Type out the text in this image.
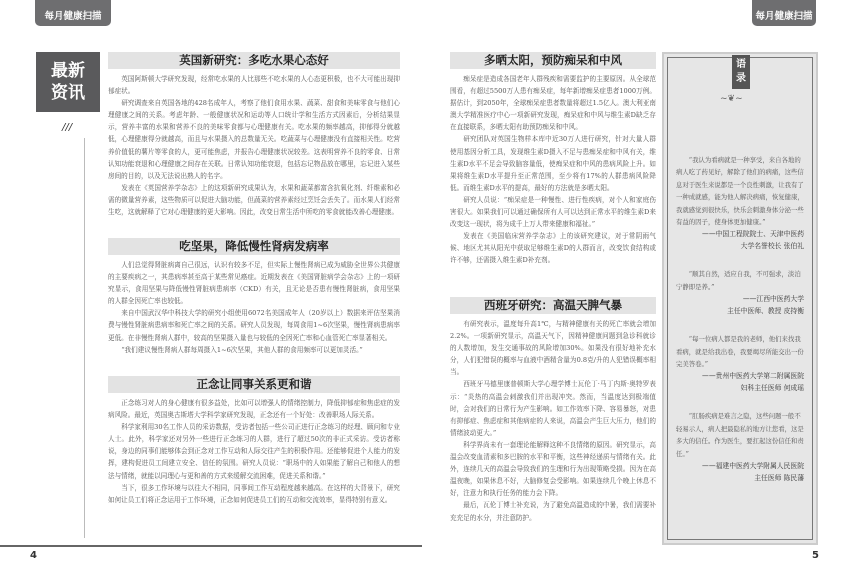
每月健康扫描	每月健康扫描
最新
资讯
///
英国新研究：多吃水果心态好

英国阿斯顿大学研究发现，经常吃水果的人比那些不吃水果的人心态更积极，也不大可能出现抑郁症状。

研究调查来自英国各地的428名成年人，考察了他们食用水果、蔬菜、甜食和美味零食与他们心理健康之间的关系。考虑年龄、一般健康状况和运动等人口统计学和生活方式因素后，分析结果显示，营养丰富的水果和营养不良的美味零食都与心理健康有关。吃水果的频率越高，抑郁得分就越低，心理健康得分就越高，而且与水果摄入的总数量无关。吃蔬菜与心理健康没有直接相关性。吃营养价值低的薯片等零食的人，更可能焦虑，并报告心理健康状况较差。这表明营养不良的零食、日常认知功能衰退和心理健康之间存在关联。日常认知功能衰退，包括忘记物品放在哪里，忘记进入某些房间的目的，以及无法说出熟人的名字。

发表在《英国营养学杂志》上的这项新研究成果认为，水果和蔬菜都富含抗氧化剂、纤维素和必需的微量营养素，这些物质可以促进大脑功能，但蔬菜的营养素经过烹饪会丢失了。而水果人们经常生吃，这就解释了它对心理健康的更大影响。因此，改变日常生活中所吃的零食就能改善心理健康。

吃坚果，降低慢性肾病发病率

人们总觉得肾脏病离自己很远，认识有较多不足，但实际上慢性肾病已成为威胁全世界公共健康的主要疾病之一，其患病率甚至高于某些常见癌症。近期发表在《美国肾脏病学会杂志》上的一项研究显示，食用坚果与降低慢性肾脏病患病率（CKD）有关，且无论是否患有慢性肾脏病，食用坚果的人群全因死亡率也较低。

来自中国武汉华中科技大学的研究小组使用6072名美国成年人（20岁以上）数据来评估坚果消费与慢性肾脏病患病率和死亡率之间的关系。研究人员发现，每周食用1~6次坚果，慢性肾病患病率更低。在非慢性肾病人群中，较高的坚果摄入量也与较低的全因死亡率和心血管死亡率显著相关。

“我们建议慢性肾病人群每周摄入1~6次坚果，其他人群的食用频率可以更加灵活。”

正念让同事关系更和谐

正念练习对人的身心健康有很多益处，比如可以增强人的情绪控制力，降低抑郁症和焦虑症的发病风险。最近，英国奥古斯塔大学科学家研究发现，正念还有一个好处：改善职场人际关系。

科学家利用30名工作人员的采访数据，受访者包括一些公司正进行正念练习的经理、顾问和专业人士。此外，科学家还对另外一些进行正念练习的人群，进行了超过50次的非正式采访。受访者称说，身边的同事们能够体会到正念对工作互动和人际交往产生的积极作用。还能够促进个人能力的发挥，建构促进员工间建立安全、信任的氛围。研究人员说：“职场中的人如果能了解自己和他人的想法与情绪，就能以同理心与更和善的方式来缓解交流困难，促进关系和谐。”

当下，很多工作环境与以往大不相同，同事间工作互动程度越来越高。在这样的大背景下，研究如何让员工们将正念运用于工作环境，正念如何促进员工们的互动和交流效率，显得特别有意义。

4
多晒太阳，预防痴呆和中风

痴呆症是造成各国老年人群残疾和需要监护的主要原因。从全球范围看，有超过5500万人患有痴呆症，每年新增痴呆症患者1000万例。据估计，到2050年，全球痴呆症患者数量将超过1.5亿人。澳大利亚南澳大学精准医疗中心一项新研究发现，痴呆症和中风与维生素D缺乏存在直接联系，多晒太阳有助预防痴呆和中风。

研究团队对英国生物样本库中近30万人进行研究，针对大量人群使用基因分析工具，发现维生素D摄入不足与患痴呆症和中风有关，维生素D水平不足会导致脑容量低，使痴呆症和中风的患病风险上升。如果将维生素D水平提升至正常范围，至少将有17%的人群患病风险降低。而维生素D水平的提高，最好的方法就是多晒太阳。

研究人员说：“痴呆症是一种慢性、进行性疾病，对个人和家庭伤害很大。如果我们可以通过确保所有人可以达到正常水平的维生素D来改变这一现状，将为成千上万人带来健康和福祉。”

发表在《美国临床营养学杂志》上的该研究建议，对于常阴雨气候、地区尤其从阳光中获取足够维生素D的人群而言，改变饮食结构或许不够，还需摄入维生素D补充剂。

西班牙研究：高温天脾气暴

有研究表示，温度每升高1℃，与精神健康有关的死亡率就会增加2.2%。一项新研究显示，高温天气下，因精神健康问题到急诊科就诊的人数增加，发生交通事故的风险增加30%。如果没有很好地补充水分，人们犯错误的概率与血液中酒精含量为0.8克/升的人犯错误概率相当。

西班牙马德里康普顿斯大学心理学博士瓦伦丁·马丁内斯·奥特罗表示：“炎热的高温会刺激我们并出现冲突。然而，当温度达到极端值时，会对我们的日常行为产生影响。如工作效率下降、容易暴怒，对患有抑郁症、焦虑症和其他病症的人来说，高温会产生巨大压力，他们的情绪波动更大。”

科学界尚未有一套理论能解释这种不良情绪的原因。研究显示，高温会改变血清素和多巴胺的水平和平衡，这些神经递质与情绪有关。此外，连续几天的高温会导致我们的生理和行为出现策略受损。因为在高温夜晚，如果休息不好，大脑修复会受影响。如果连续几个晚上休息不好，注意力和执行任务的能力会下降。

最后，瓦伦丁博士补充说，为了避免高温造成的中暑，我们需要补充充足的水分，并注意防护。

语录
~❦~
“我认为看病就是一种享受，来自各地的病人吃了药见好，解除了他们的病痛，这些信息对于医生来说都是一个良性刺激，让我有了一种成就感，能为他人解决病痛，恢复健康，我就感觉到很快乐，快乐会刺激身体分泌一些有益的因子，使身体更加健康。”
——中国工程院院士、天津中医药
大学名誉校长 张伯礼
“顺其自然，适应自我，不可强求，淡泊宁静即是养。”
——江西中医药大学
主任中医师、教授 皮持衡
“每一位病人都是我的老师，他们来找我看病，就是给我出卷，我要竭尽所能交出一份完美答卷。”
——贵州中医药大学第二附属医院
妇科主任医师 何成瑶
“肛肠疾病是难言之隐，这些问题一般不轻易示人，病人把最隐私的地方让您看，这是多大的信任。作为医生，要扛起这份信任和责任。”
——福建中医药大学附属人民医院
主任医师 陈民藩
5
